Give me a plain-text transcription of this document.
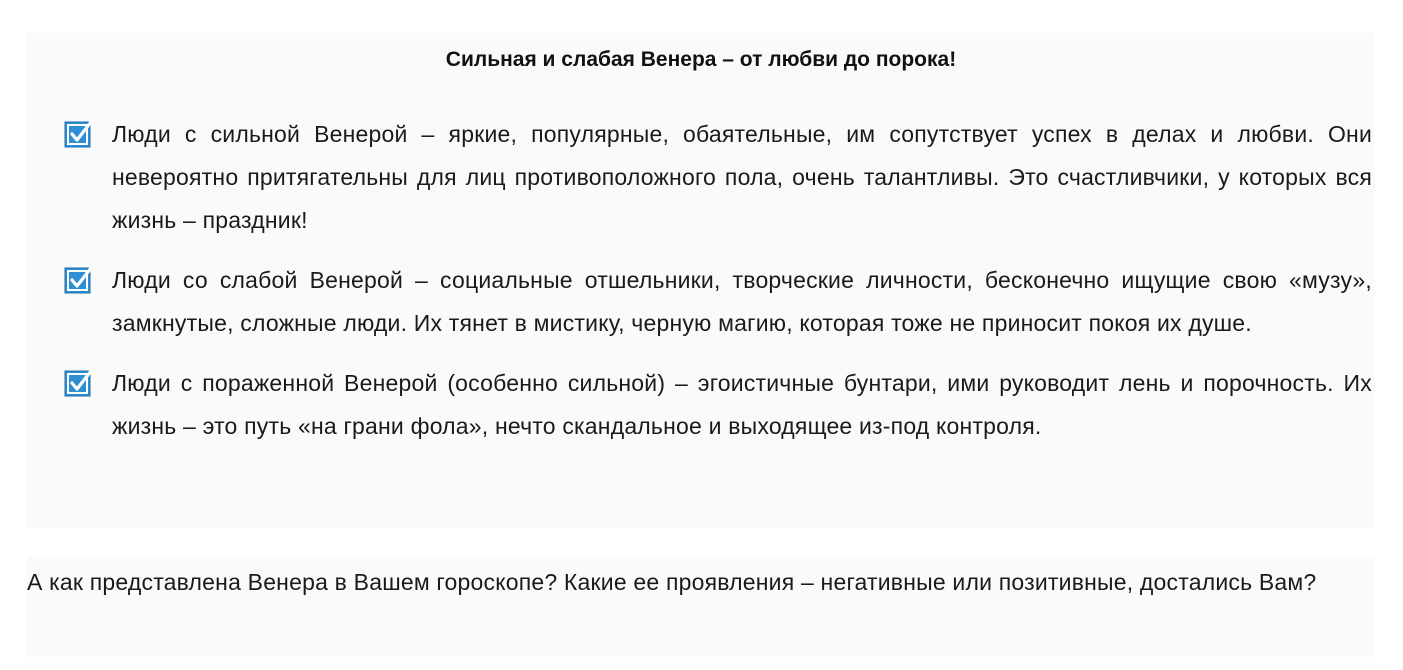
Сильная и слабая Венера – от любви до порока!

Люди с сильной Венерой – яркие, популярные, обаятельные, им сопутствует успех в делах и любви. Они невероятно притягательны для лиц противоположного пола, очень талантливы. Это счастливчики, у которых вся жизнь – праздник!

Люди со слабой Венерой – социальные отшельники, творческие личности, бесконечно ищущие свою «музу», замкнутые, сложные люди. Их тянет в мистику, черную магию, которая тоже не приносит покоя их душе.

Люди с пораженной Венерой (особенно сильной) – эгоистичные бунтари, ими руководит лень и порочность. Их жизнь – это путь «на грани фола», нечто скандальное и выходящее из-под контроля.

А как представлена Венера в Вашем гороскопе? Какие ее проявления – негативные или позитивные, достались Вам?
